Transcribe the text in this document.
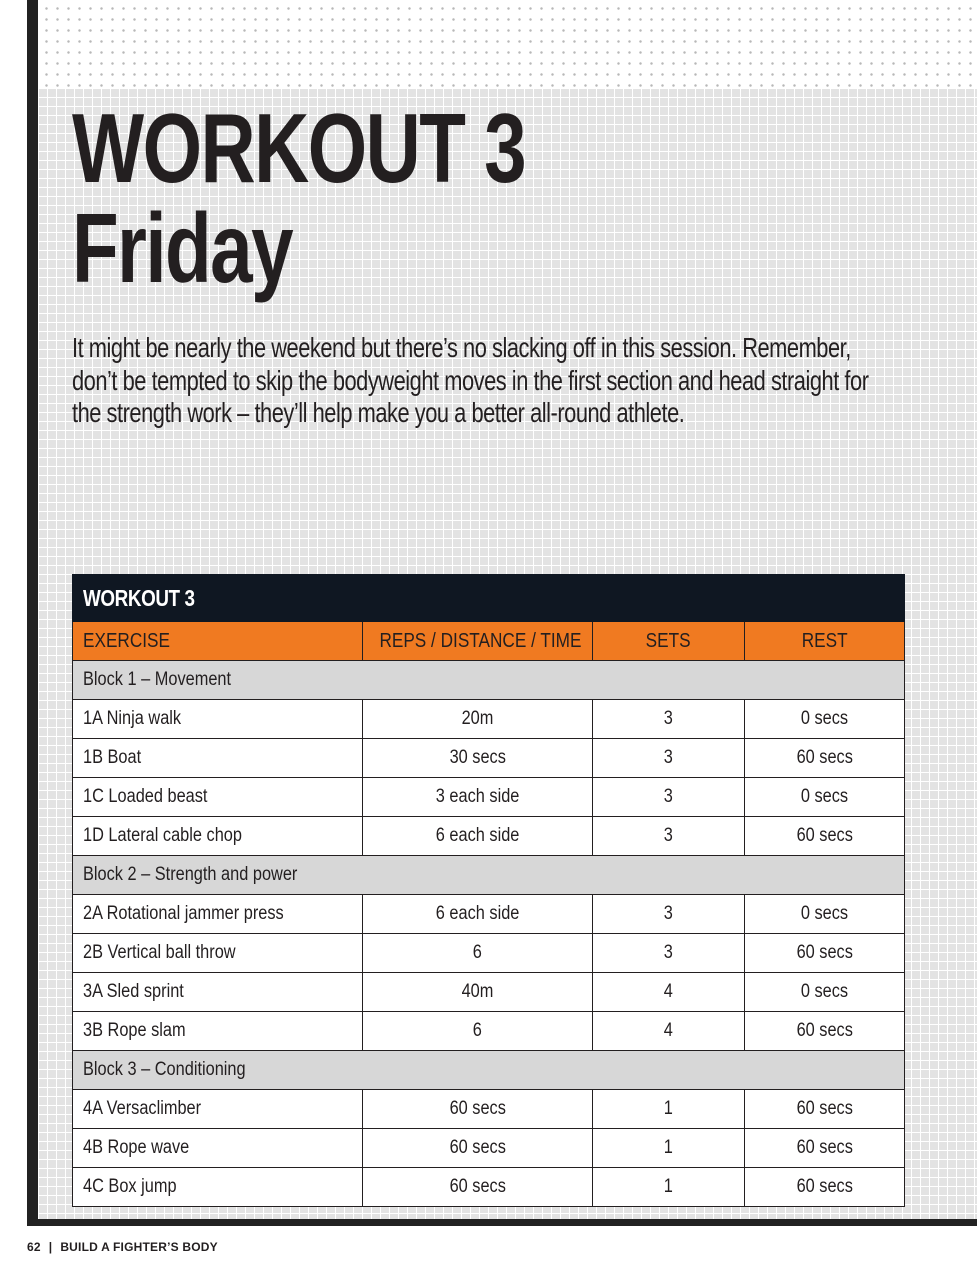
WORKOUT 3
Friday

It might be nearly the weekend but there’s no slacking off in this session. Remember, don’t be tempted to skip the bodyweight moves in the first section and head straight for the strength work – they’ll help make you a better all-round athlete.

WORKOUT 3			
EXERCISE	REPS / DISTANCE / TIME	SETS	REST
Block 1 – Movement			
1A Ninja walk	20m	3	0 secs
1B Boat	30 secs	3	60 secs
1C Loaded beast	3 each side	3	0 secs
1D Lateral cable chop	6 each side	3	60 secs
Block 2 – Strength and power			
2A Rotational jammer press	6 each side	3	0 secs
2B Vertical ball throw	6	3	60 secs
3A Sled sprint	40m	4	0 secs
3B Rope slam	6	4	60 secs
Block 3 – Conditioning			
4A Versaclimber	60 secs	1	60 secs
4B Rope wave	60 secs	1	60 secs
4C Box jump	60 secs	1	60 secs
62 | BUILD A FIGHTER’S BODY
